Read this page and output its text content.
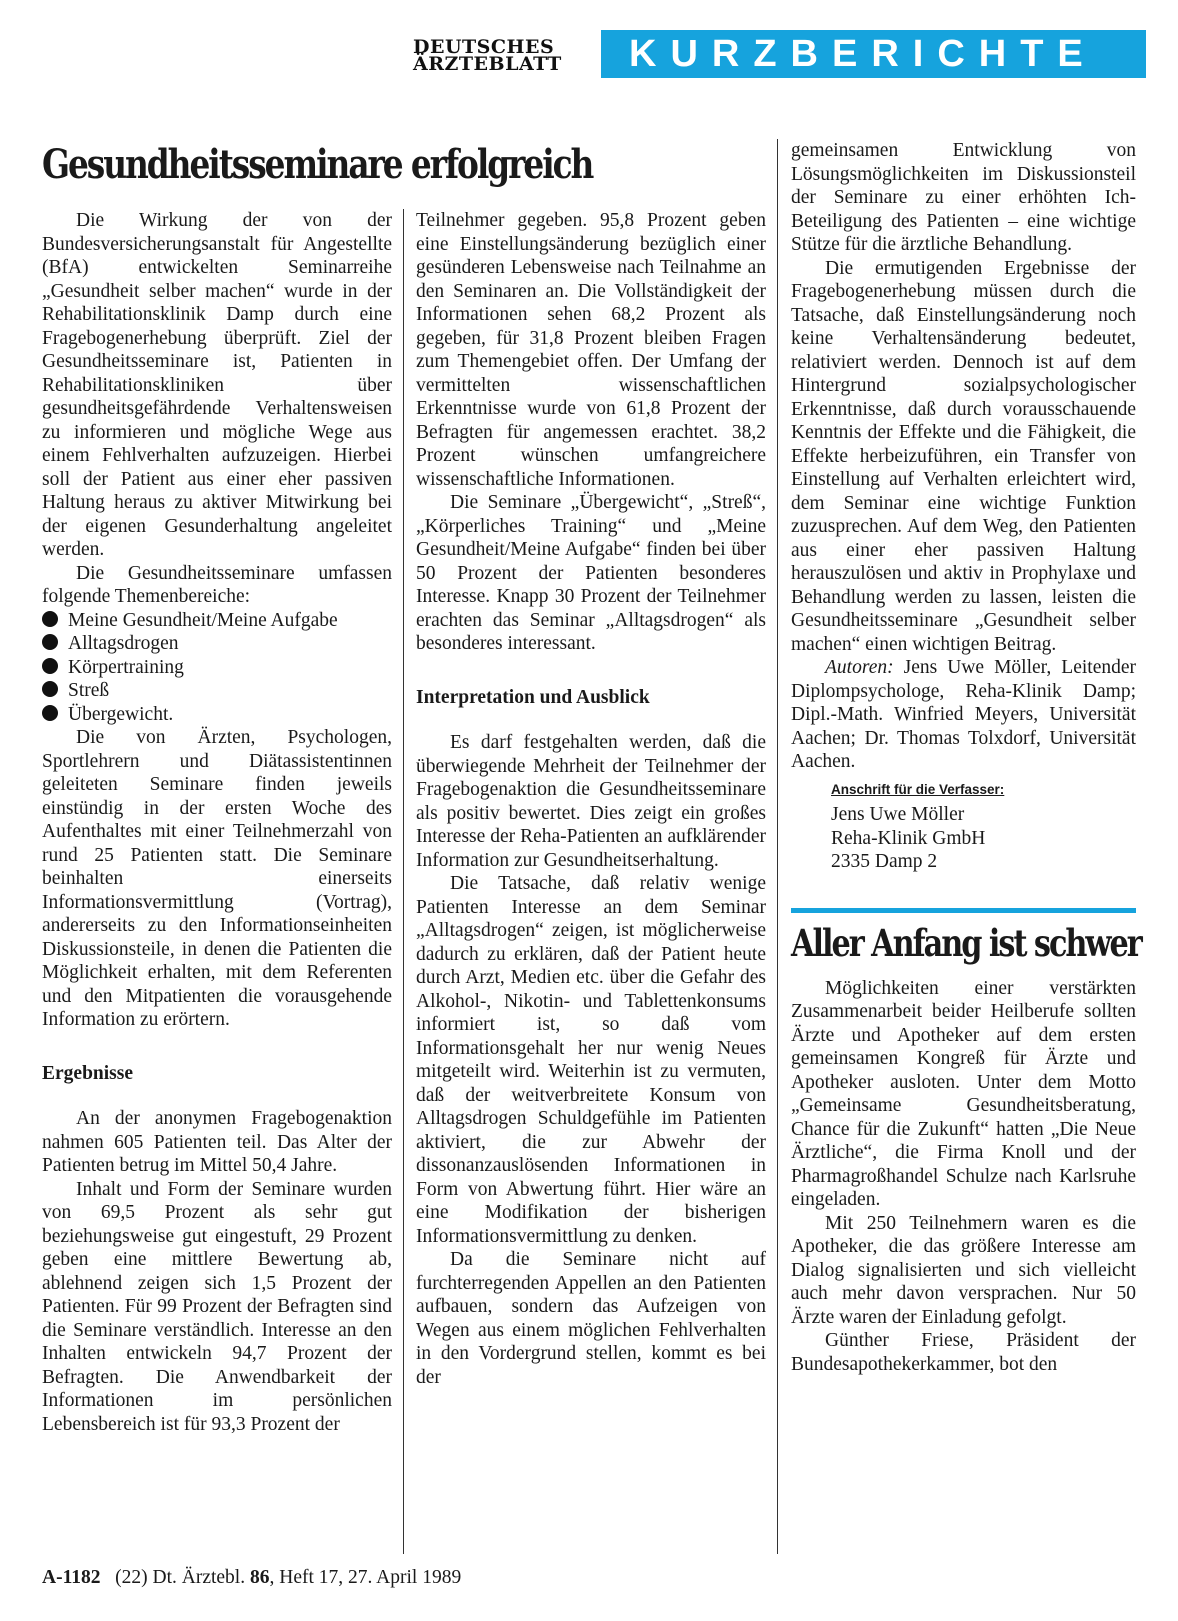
DEUTSCHES
ÄRZTEBLATT	KURZBERICHTE
Gesundheitsseminare erfolgreich

Die Wirkung der von der Bundesversicherungsanstalt für Angestellte (BfA) entwickelten Seminarreihe „Gesundheit selber machen“ wurde in der Rehabilitationsklinik Damp durch eine Fragebogenerhebung überprüft. Ziel der Gesundheitsseminare ist, Patienten in Rehabilitationskliniken über gesundheitsgefährdende Verhaltensweisen zu informieren und mögliche Wege aus einem Fehlverhalten aufzuzeigen. Hierbei soll der Patient aus einer eher passiven Haltung heraus zu aktiver Mitwirkung bei der eigenen Gesunderhaltung angeleitet werden.

Die Gesundheitsseminare umfassen folgende Themenbereiche:

Meine Gesundheit/Meine Aufgabe
Alltagsdrogen
Körpertraining
Streß
Übergewicht.

Die von Ärzten, Psychologen, Sportlehrern und Diätassistentinnen geleiteten Seminare finden jeweils einstündig in der ersten Woche des Aufenthaltes mit einer Teilnehmerzahl von rund 25 Patienten statt. Die Seminare beinhalten einerseits Informationsvermittlung (Vortrag), andererseits zu den Informationseinheiten Diskussionsteile, in denen die Patienten die Möglichkeit erhalten, mit dem Referenten und den Mitpatienten die vorausgehende Information zu erörtern.

Ergebnisse

An der anonymen Fragebogenaktion nahmen 605 Patienten teil. Das Alter der Patienten betrug im Mittel 50,4 Jahre.

Inhalt und Form der Seminare wurden von 69,5 Prozent als sehr gut beziehungsweise gut eingestuft, 29 Prozent geben eine mittlere Bewertung ab, ablehnend zeigen sich 1,5 Prozent der Patienten. Für 99 Prozent der Befragten sind die Seminare verständlich. Interesse an den Inhalten entwickeln 94,7 Prozent der Befragten. Die Anwendbarkeit der Informationen im persönlichen Lebensbereich ist für 93,3 Prozent der

Teilnehmer gegeben. 95,8 Prozent geben eine Einstellungsänderung bezüglich einer gesünderen Lebensweise nach Teilnahme an den Seminaren an. Die Vollständigkeit der Informationen sehen 68,2 Prozent als gegeben, für 31,8 Prozent bleiben Fragen zum Themengebiet offen. Der Umfang der vermittelten wissenschaftlichen Erkenntnisse wurde von 61,8 Prozent der Befragten für angemessen erachtet. 38,2 Prozent wünschen umfangreichere wissenschaftliche Informationen.

Die Seminare „Übergewicht“, „Streß“, „Körperliches Training“ und „Meine Gesundheit/Meine Aufgabe“ finden bei über 50 Prozent der Patienten besonderes Interesse. Knapp 30 Prozent der Teilnehmer erachten das Seminar „Alltagsdrogen“ als besonderes interessant.

Interpretation und Ausblick

Es darf festgehalten werden, daß die überwiegende Mehrheit der Teilnehmer der Fragebogenaktion die Gesundheitsseminare als positiv bewertet. Dies zeigt ein großes Interesse der Reha-Patienten an aufklärender Information zur Gesundheitserhaltung.

Die Tatsache, daß relativ wenige Patienten Interesse an dem Seminar „Alltagsdrogen“ zeigen, ist möglicherweise dadurch zu erklären, daß der Patient heute durch Arzt, Medien etc. über die Gefahr des Alkohol-, Nikotin- und Tablettenkonsums informiert ist, so daß vom Informationsgehalt her nur wenig Neues mitgeteilt wird. Weiterhin ist zu vermuten, daß der weitverbreitete Konsum von Alltagsdrogen Schuldgefühle im Patienten aktiviert, die zur Abwehr der dissonanzauslösenden Informationen in Form von Abwertung führt. Hier wäre an eine Modifikation der bisherigen Informationsvermittlung zu denken.

Da die Seminare nicht auf furchterregenden Appellen an den Patienten aufbauen, sondern das Aufzeigen von Wegen aus einem möglichen Fehlverhalten in den Vordergrund stellen, kommt es bei der

gemeinsamen Entwicklung von Lösungsmöglichkeiten im Diskussionsteil der Seminare zu einer erhöhten Ich-Beteiligung des Patienten – eine wichtige Stütze für die ärztliche Behandlung.

Die ermutigenden Ergebnisse der Fragebogenerhebung müssen durch die Tatsache, daß Einstellungsänderung noch keine Verhaltensänderung bedeutet, relativiert werden. Dennoch ist auf dem Hintergrund sozialpsychologischer Erkenntnisse, daß durch vorausschauende Kenntnis der Effekte und die Fähigkeit, die Effekte herbeizuführen, ein Transfer von Einstellung auf Verhalten erleichtert wird, dem Seminar eine wichtige Funktion zuzusprechen. Auf dem Weg, den Patienten aus einer eher passiven Haltung herauszulösen und aktiv in Prophylaxe und Behandlung werden zu lassen, leisten die Gesundheitsseminare „Gesundheit selber machen“ einen wichtigen Beitrag.

Autoren: Jens Uwe Möller, Leitender Diplompsychologe, Reha-Klinik Damp; Dipl.-Math. Winfried Meyers, Universität Aachen; Dr. Thomas Tolxdorf, Universität Aachen.

Anschrift für die Verfasser:
Jens Uwe Möller
Reha-Klinik GmbH
2335 Damp 2
Aller Anfang ist schwer

Möglichkeiten einer verstärkten Zusammenarbeit beider Heilberufe sollten Ärzte und Apotheker auf dem ersten gemeinsamen Kongreß für Ärzte und Apotheker ausloten. Unter dem Motto „Gemeinsame Gesundheitsberatung, Chance für die Zukunft“ hatten „Die Neue Ärztliche“, die Firma Knoll und der Pharmagroßhandel Schulze nach Karlsruhe eingeladen.

Mit 250 Teilnehmern waren es die Apotheker, die das größere Interesse am Dialog signalisierten und sich vielleicht auch mehr davon versprachen. Nur 50 Ärzte waren der Einladung gefolgt.

Günther Friese, Präsident der Bundesapothekerkammer, bot den

A-1182 (22) Dt. Ärztebl. 86, Heft 17, 27. April 1989
